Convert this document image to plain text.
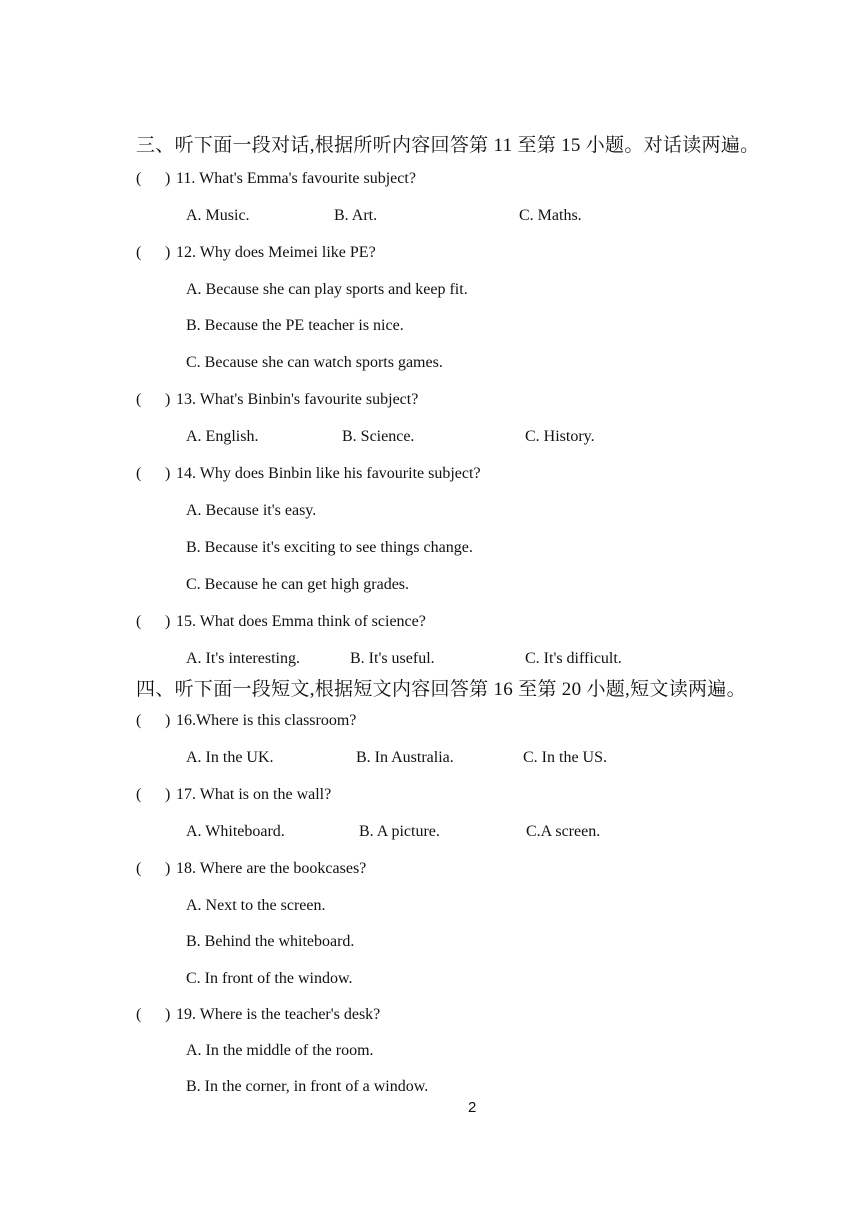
三、听下面一段对话,根据所听内容回答第 11 至第 15 小题。对话读两遍。
( ) 11. What's Emma's favourite subject?
A. Music.	B. Art.	C. Maths.
( ) 12. Why does Meimei like PE?
A. Because she can play sports and keep fit.
B. Because the PE teacher is nice.
C. Because she can watch sports games.
( ) 13. What's Binbin's favourite subject?
A. English.	B. Science.	C. History.
( ) 14. Why does Binbin like his favourite subject?
A. Because it's easy.
B. Because it's exciting to see things change.
C. Because he can get high grades.
( ) 15. What does Emma think of science?
A. It's interesting.	B. It's useful.	C. It's difficult.
四、听下面一段短文,根据短文内容回答第 16 至第 20 小题,短文读两遍。
( ) 16.Where is this classroom?
A. In the UK.	B. In Australia.	C. In the US.
( ) 17. What is on the wall?
A. Whiteboard.	B. A picture.	C.A screen.
( ) 18. Where are the bookcases?
A. Next to the screen.
B. Behind the whiteboard.
C. In front of the window.
( ) 19. Where is the teacher's desk?
A. In the middle of the room.
B. In the corner, in front of a window.
2
